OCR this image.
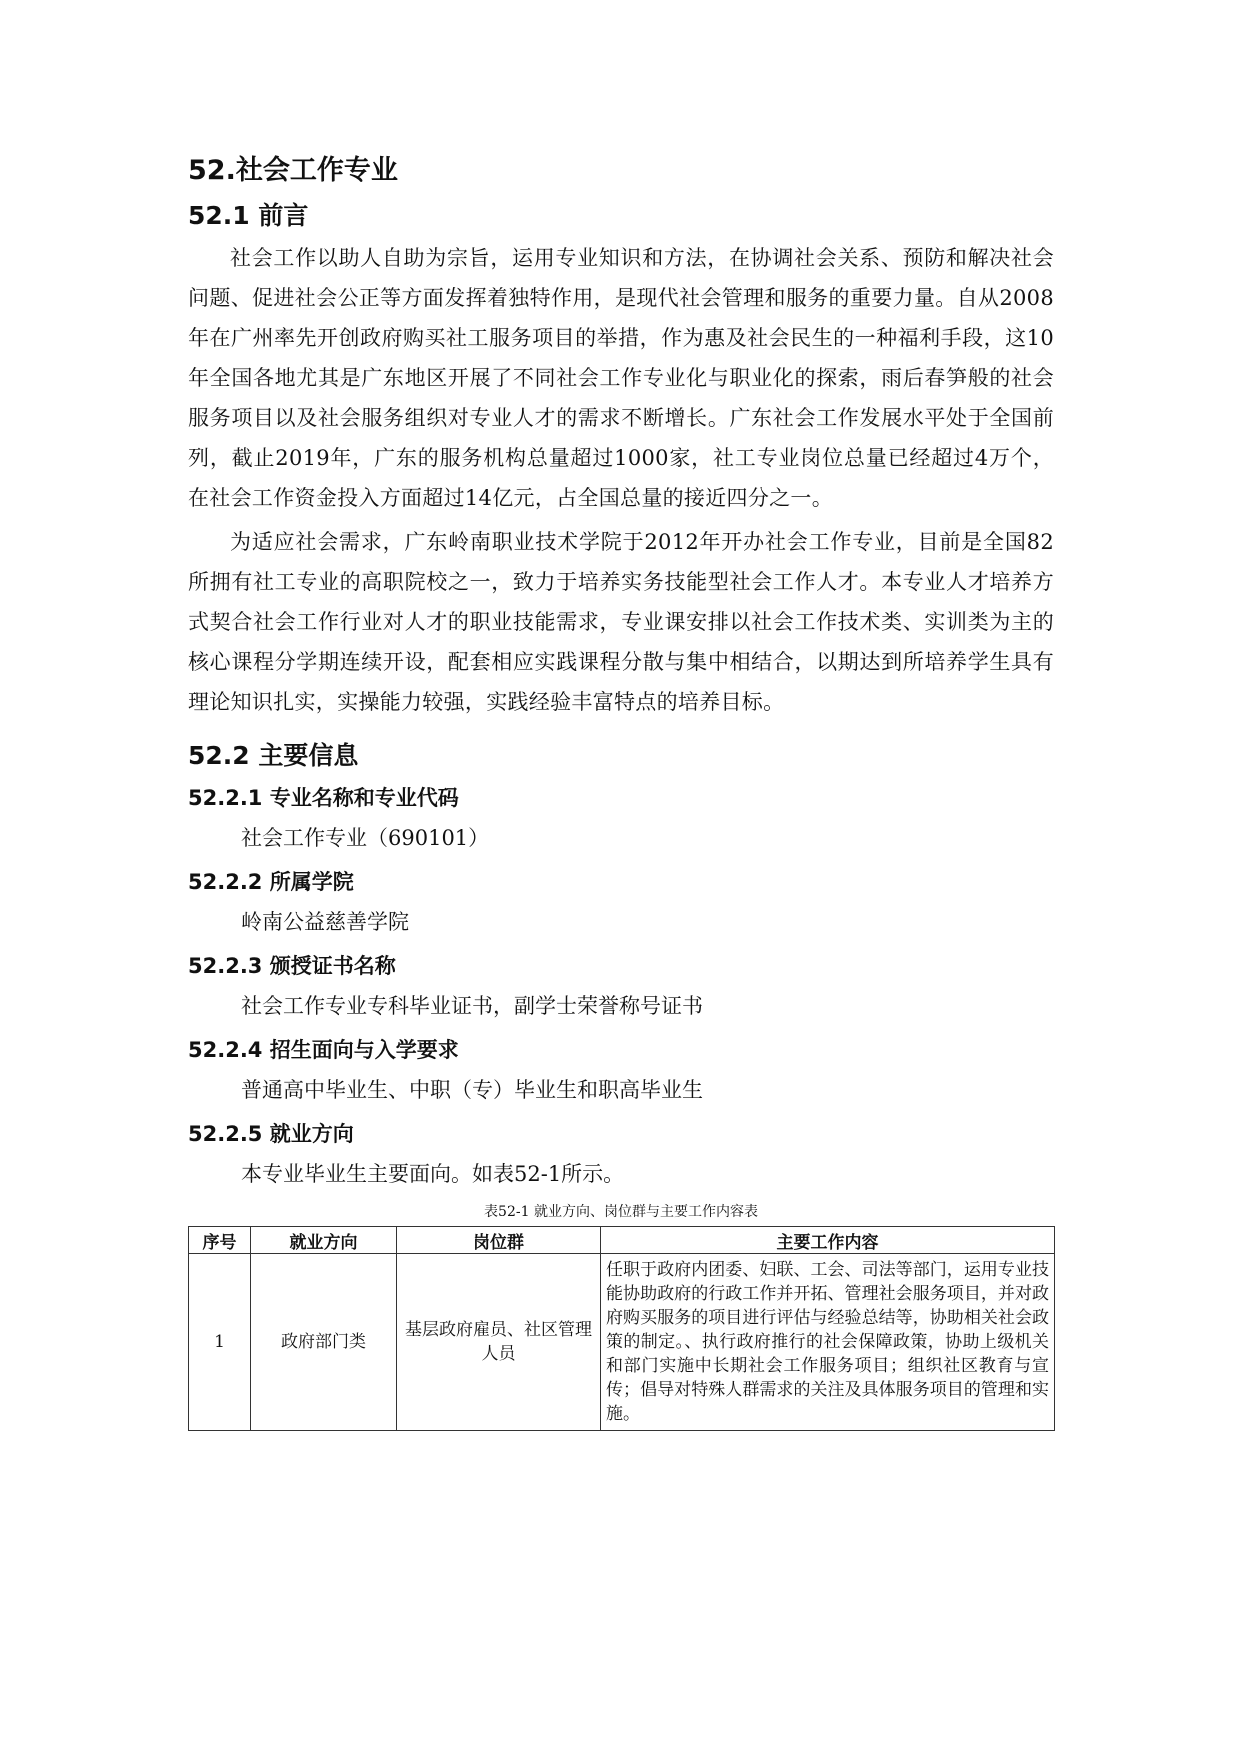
52.社会工作专业
52.1 前言

社会工作以助人自助为宗旨，运用专业知识和方法，在协调社会关系、预防和解决社会问题、促进社会公正等方面发挥着独特作用，是现代社会管理和服务的重要力量。自从2008年在广州率先开创政府购买社工服务项目的举措，作为惠及社会民生的一种福利手段，这10年全国各地尤其是广东地区开展了不同社会工作专业化与职业化的探索，雨后春笋般的社会服务项目以及社会服务组织对专业人才的需求不断增长。广东社会工作发展水平处于全国前列，截止2019年，广东的服务机构总量超过1000家，社工专业岗位总量已经超过4万个，在社会工作资金投入方面超过14亿元，占全国总量的接近四分之一。

为适应社会需求，广东岭南职业技术学院于2012年开办社会工作专业，目前是全国82所拥有社工专业的高职院校之一，致力于培养实务技能型社会工作人才。本专业人才培养方式契合社会工作行业对人才的职业技能需求，专业课安排以社会工作技术类、实训类为主的核心课程分学期连续开设，配套相应实践课程分散与集中相结合，以期达到所培养学生具有理论知识扎实，实操能力较强，实践经验丰富特点的培养目标。

52.2 主要信息
52.2.1 专业名称和专业代码

社会工作专业（690101）

52.2.2 所属学院

岭南公益慈善学院

52.2.3 颁授证书名称

社会工作专业专科毕业证书，副学士荣誉称号证书

52.2.4 招生面向与入学要求

普通高中毕业生、中职（专）毕业生和职高毕业生

52.2.5 就业方向

本专业毕业生主要面向。如表52-1所示。

表52-1 就业方向、岗位群与主要工作内容表
序号	就业方向	岗位群	主要工作内容
1	政府部门类	基层政府雇员、社区管理人员	任职于政府内团委、妇联、工会、司法等部门，运用专业技能协助政府的行政工作并开拓、管理社会服务项目，并对政府购买服务的项目进行评估与经验总结等，协助相关社会政策的制定。、执行政府推行的社会保障政策，协助上级机关和部门实施中长期社会工作服务项目；组织社区教育与宣传；倡导对特殊人群需求的关注及具体服务项目的管理和实施。
